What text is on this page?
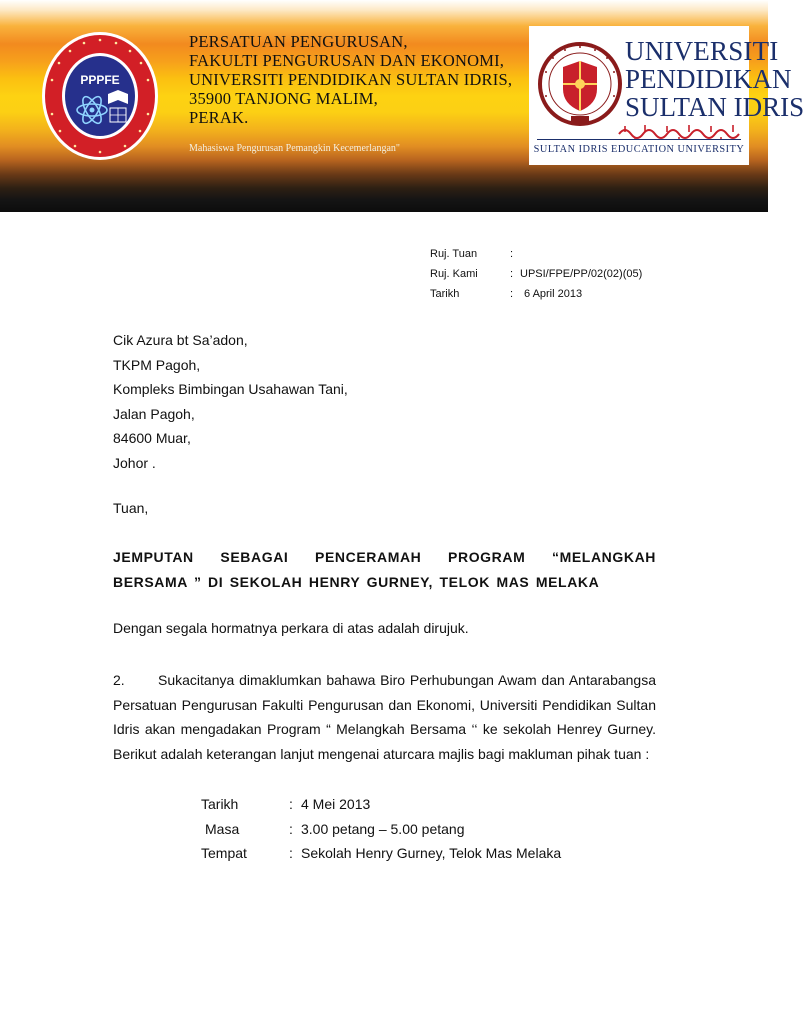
PPPFE
PERSATUAN PENGURUSAN,
FAKULTI PENGURUSAN DAN EKONOMI,
UNIVERSITI PENDIDIKAN SULTAN IDRIS,
35900 TANJONG MALIM,
PERAK.
Mahasiswa Pengurusan Pemangkin Kecemerlangan"
UNIVERSITI
PENDIDIKAN
SULTAN IDRIS
SULTAN IDRIS EDUCATION UNIVERSITY
Ruj. Tuan	:
Ruj. Kami	: UPSI/FPE/PP/02(02)(05)
Tarikh	: 6 April 2013
Cik Azura bt Sa’adon,
TKPM Pagoh,
Kompleks Bimbingan Usahawan Tani,
Jalan Pagoh,
84600 Muar,
Johor .
Tuan,
JEMPUTAN SEBAGAI PENCERAMAH PROGRAM “MELANGKAH BERSAMA ” DI SEKOLAH HENRY GURNEY, TELOK MAS MELAKA
Dengan segala hormatnya perkara di atas adalah dirujuk.
2. Sukacitanya dimaklumkan bahawa Biro Perhubungan Awam dan Antarabangsa Persatuan Pengurusan Fakulti Pengurusan dan Ekonomi, Universiti Pendidikan Sultan Idris akan mengadakan Program “ Melangkah Bersama ‘‘ ke sekolah Henrey Gurney. Berikut adalah keterangan lanjut mengenai aturcara majlis bagi makluman pihak tuan :
Tarikh	: 4 Mei 2013
Masa	: 3.00 petang – 5.00 petang
Tempat	: Sekolah Henry Gurney, Telok Mas Melaka
